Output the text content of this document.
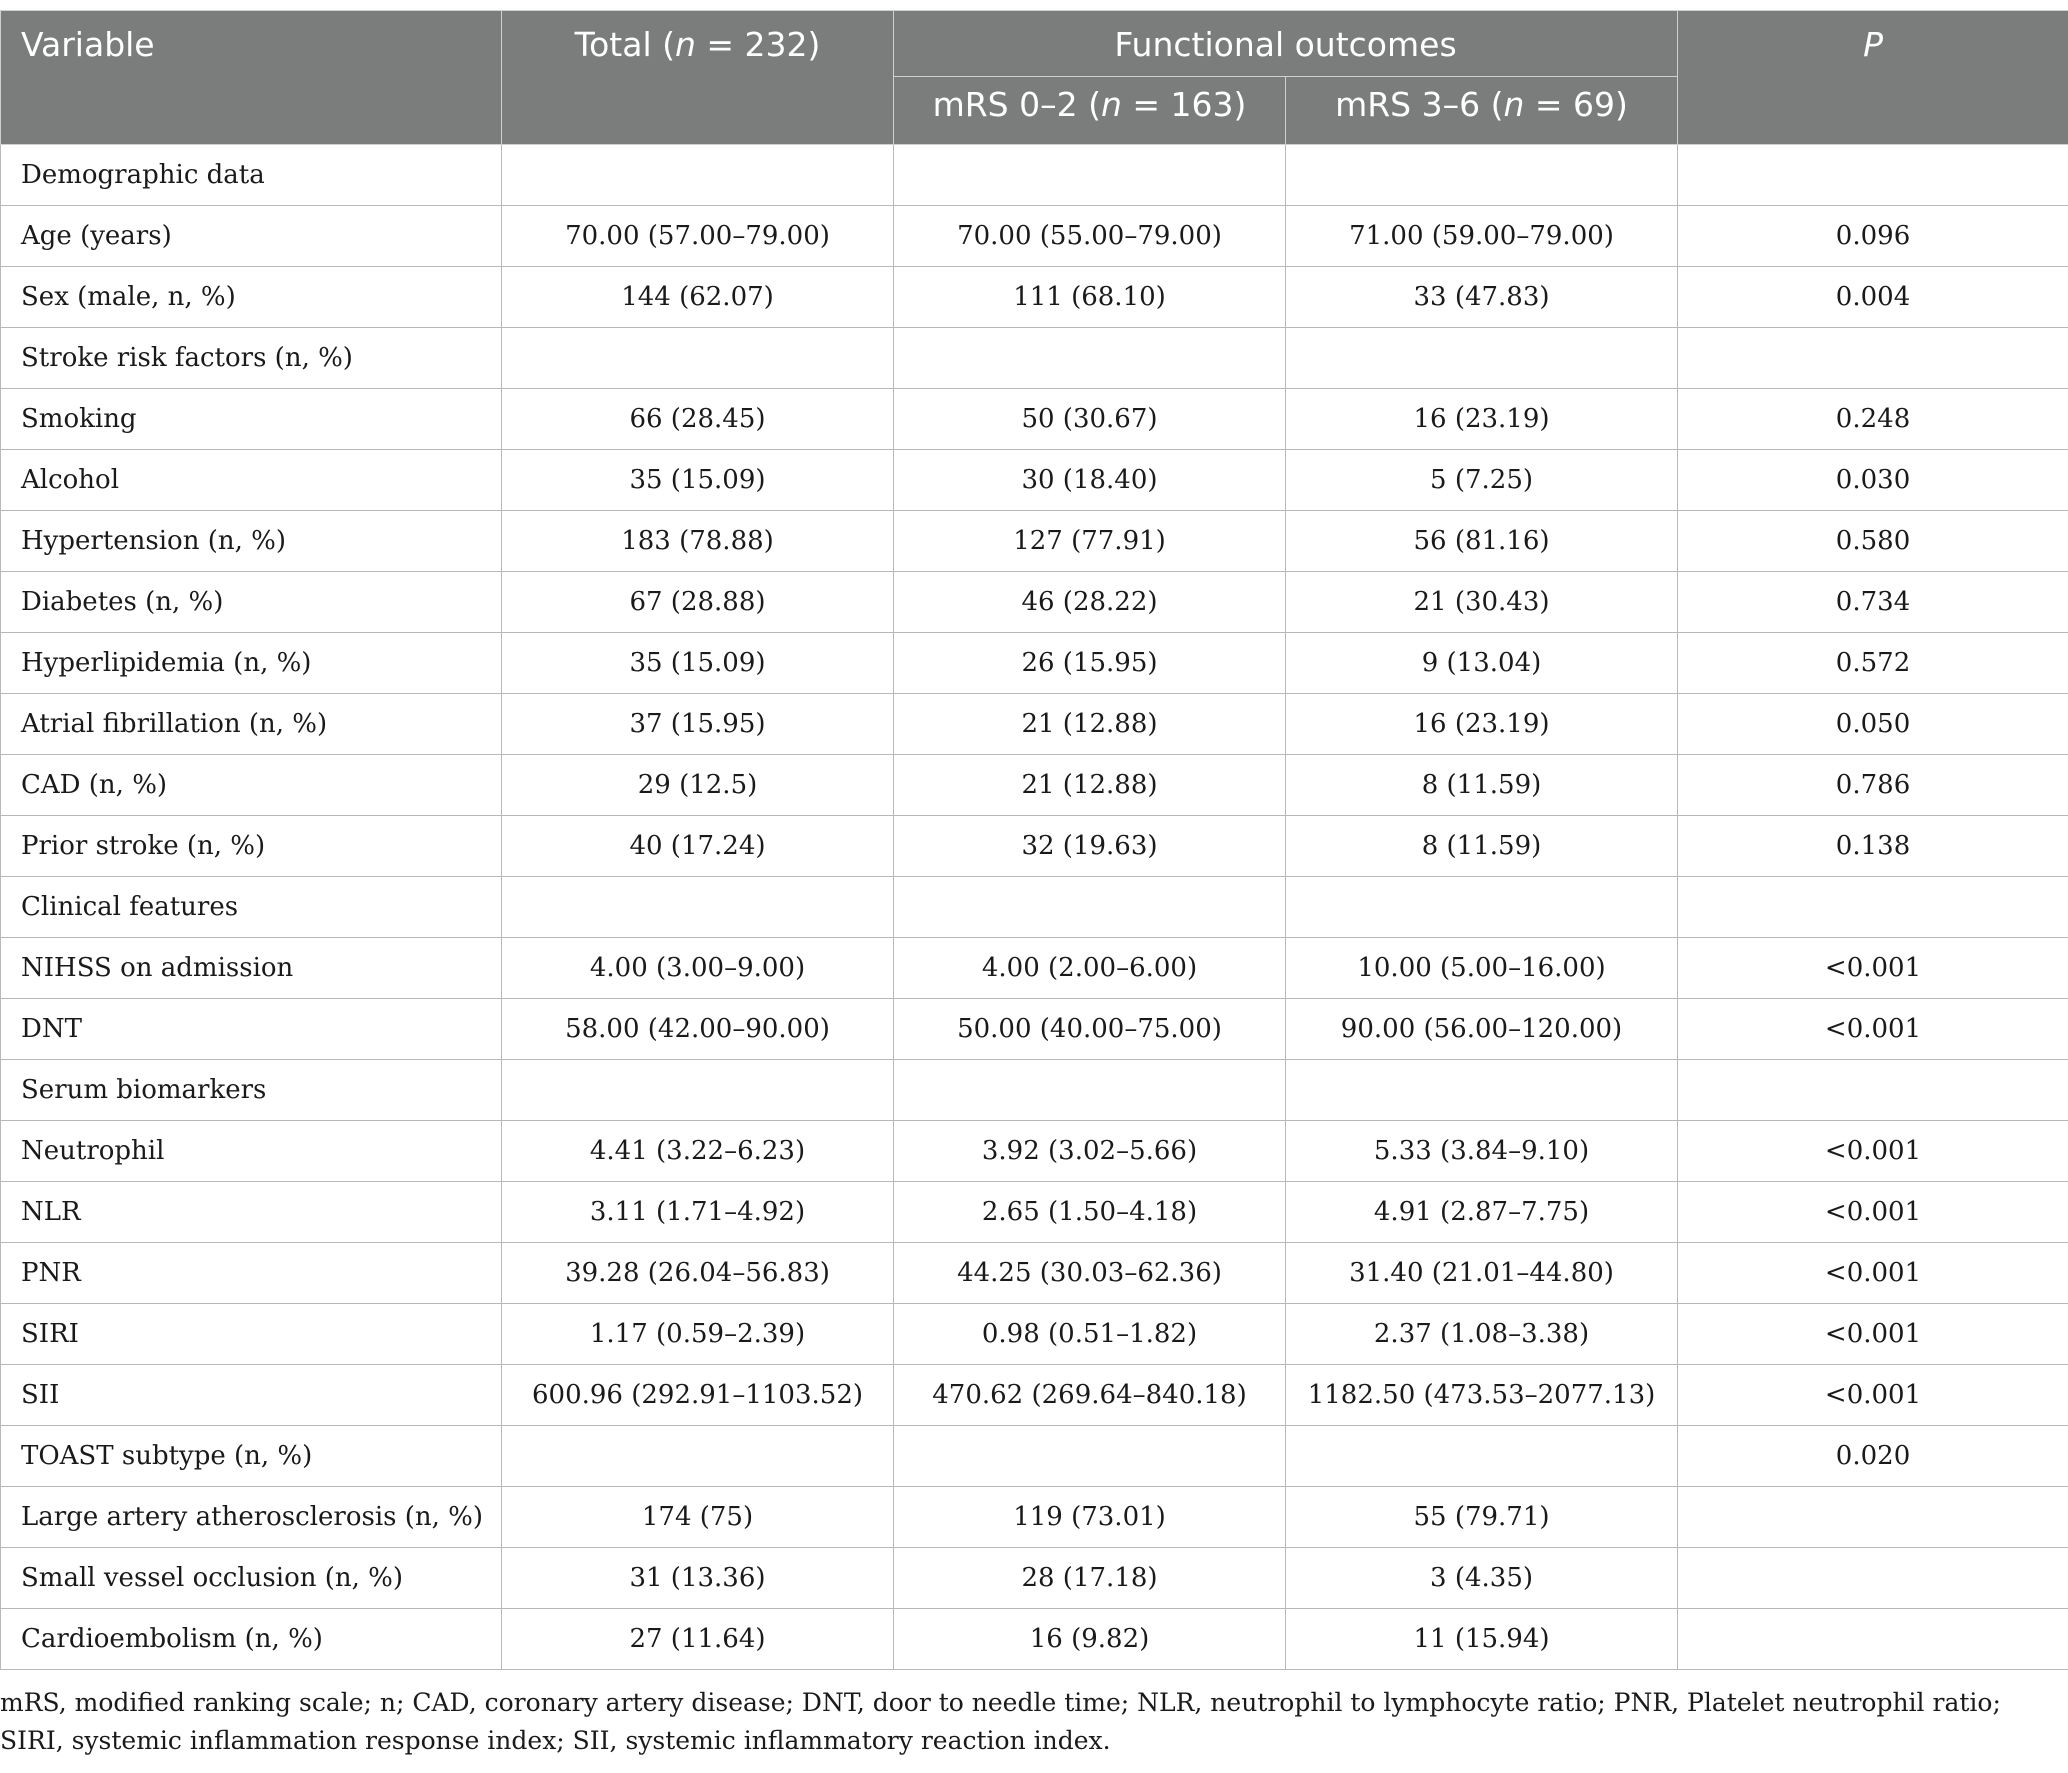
Variable	Total (n = 232)	Functional outcomes		P
		mRS 0–2 (n = 163)	mRS 3–6 (n = 69)	
Demographic data				
Age (years)	70.00 (57.00–79.00)	70.00 (55.00–79.00)	71.00 (59.00–79.00)	0.096
Sex (male, n, %)	144 (62.07)	111 (68.10)	33 (47.83)	0.004
Stroke risk factors (n, %)				
Smoking	66 (28.45)	50 (30.67)	16 (23.19)	0.248
Alcohol	35 (15.09)	30 (18.40)	5 (7.25)	0.030
Hypertension (n, %)	183 (78.88)	127 (77.91)	56 (81.16)	0.580
Diabetes (n, %)	67 (28.88)	46 (28.22)	21 (30.43)	0.734
Hyperlipidemia (n, %)	35 (15.09)	26 (15.95)	9 (13.04)	0.572
Atrial fibrillation (n, %)	37 (15.95)	21 (12.88)	16 (23.19)	0.050
CAD (n, %)	29 (12.5)	21 (12.88)	8 (11.59)	0.786
Prior stroke (n, %)	40 (17.24)	32 (19.63)	8 (11.59)	0.138
Clinical features				
NIHSS on admission	4.00 (3.00–9.00)	4.00 (2.00–6.00)	10.00 (5.00–16.00)	<0.001
DNT	58.00 (42.00–90.00)	50.00 (40.00–75.00)	90.00 (56.00–120.00)	<0.001
Serum biomarkers				
Neutrophil	4.41 (3.22–6.23)	3.92 (3.02–5.66)	5.33 (3.84–9.10)	<0.001
NLR	3.11 (1.71–4.92)	2.65 (1.50–4.18)	4.91 (2.87–7.75)	<0.001
PNR	39.28 (26.04–56.83)	44.25 (30.03–62.36)	31.40 (21.01–44.80)	<0.001
SIRI	1.17 (0.59–2.39)	0.98 (0.51–1.82)	2.37 (1.08–3.38)	<0.001
SII	600.96 (292.91–1103.52)	470.62 (269.64–840.18)	1182.50 (473.53–2077.13)	<0.001
TOAST subtype (n, %)				0.020
Large artery atherosclerosis (n, %)	174 (75)	119 (73.01)	55 (79.71)	
Small vessel occlusion (n, %)	31 (13.36)	28 (17.18)	3 (4.35)	
Cardioembolism (n, %)	27 (11.64)	16 (9.82)	11 (15.94)	
mRS, modified ranking scale; n; CAD, coronary artery disease; DNT, door to needle time; NLR, neutrophil to lymphocyte ratio; PNR, Platelet neutrophil ratio; SIRI, systemic inflammation response index; SII, systemic inflammatory reaction index.
